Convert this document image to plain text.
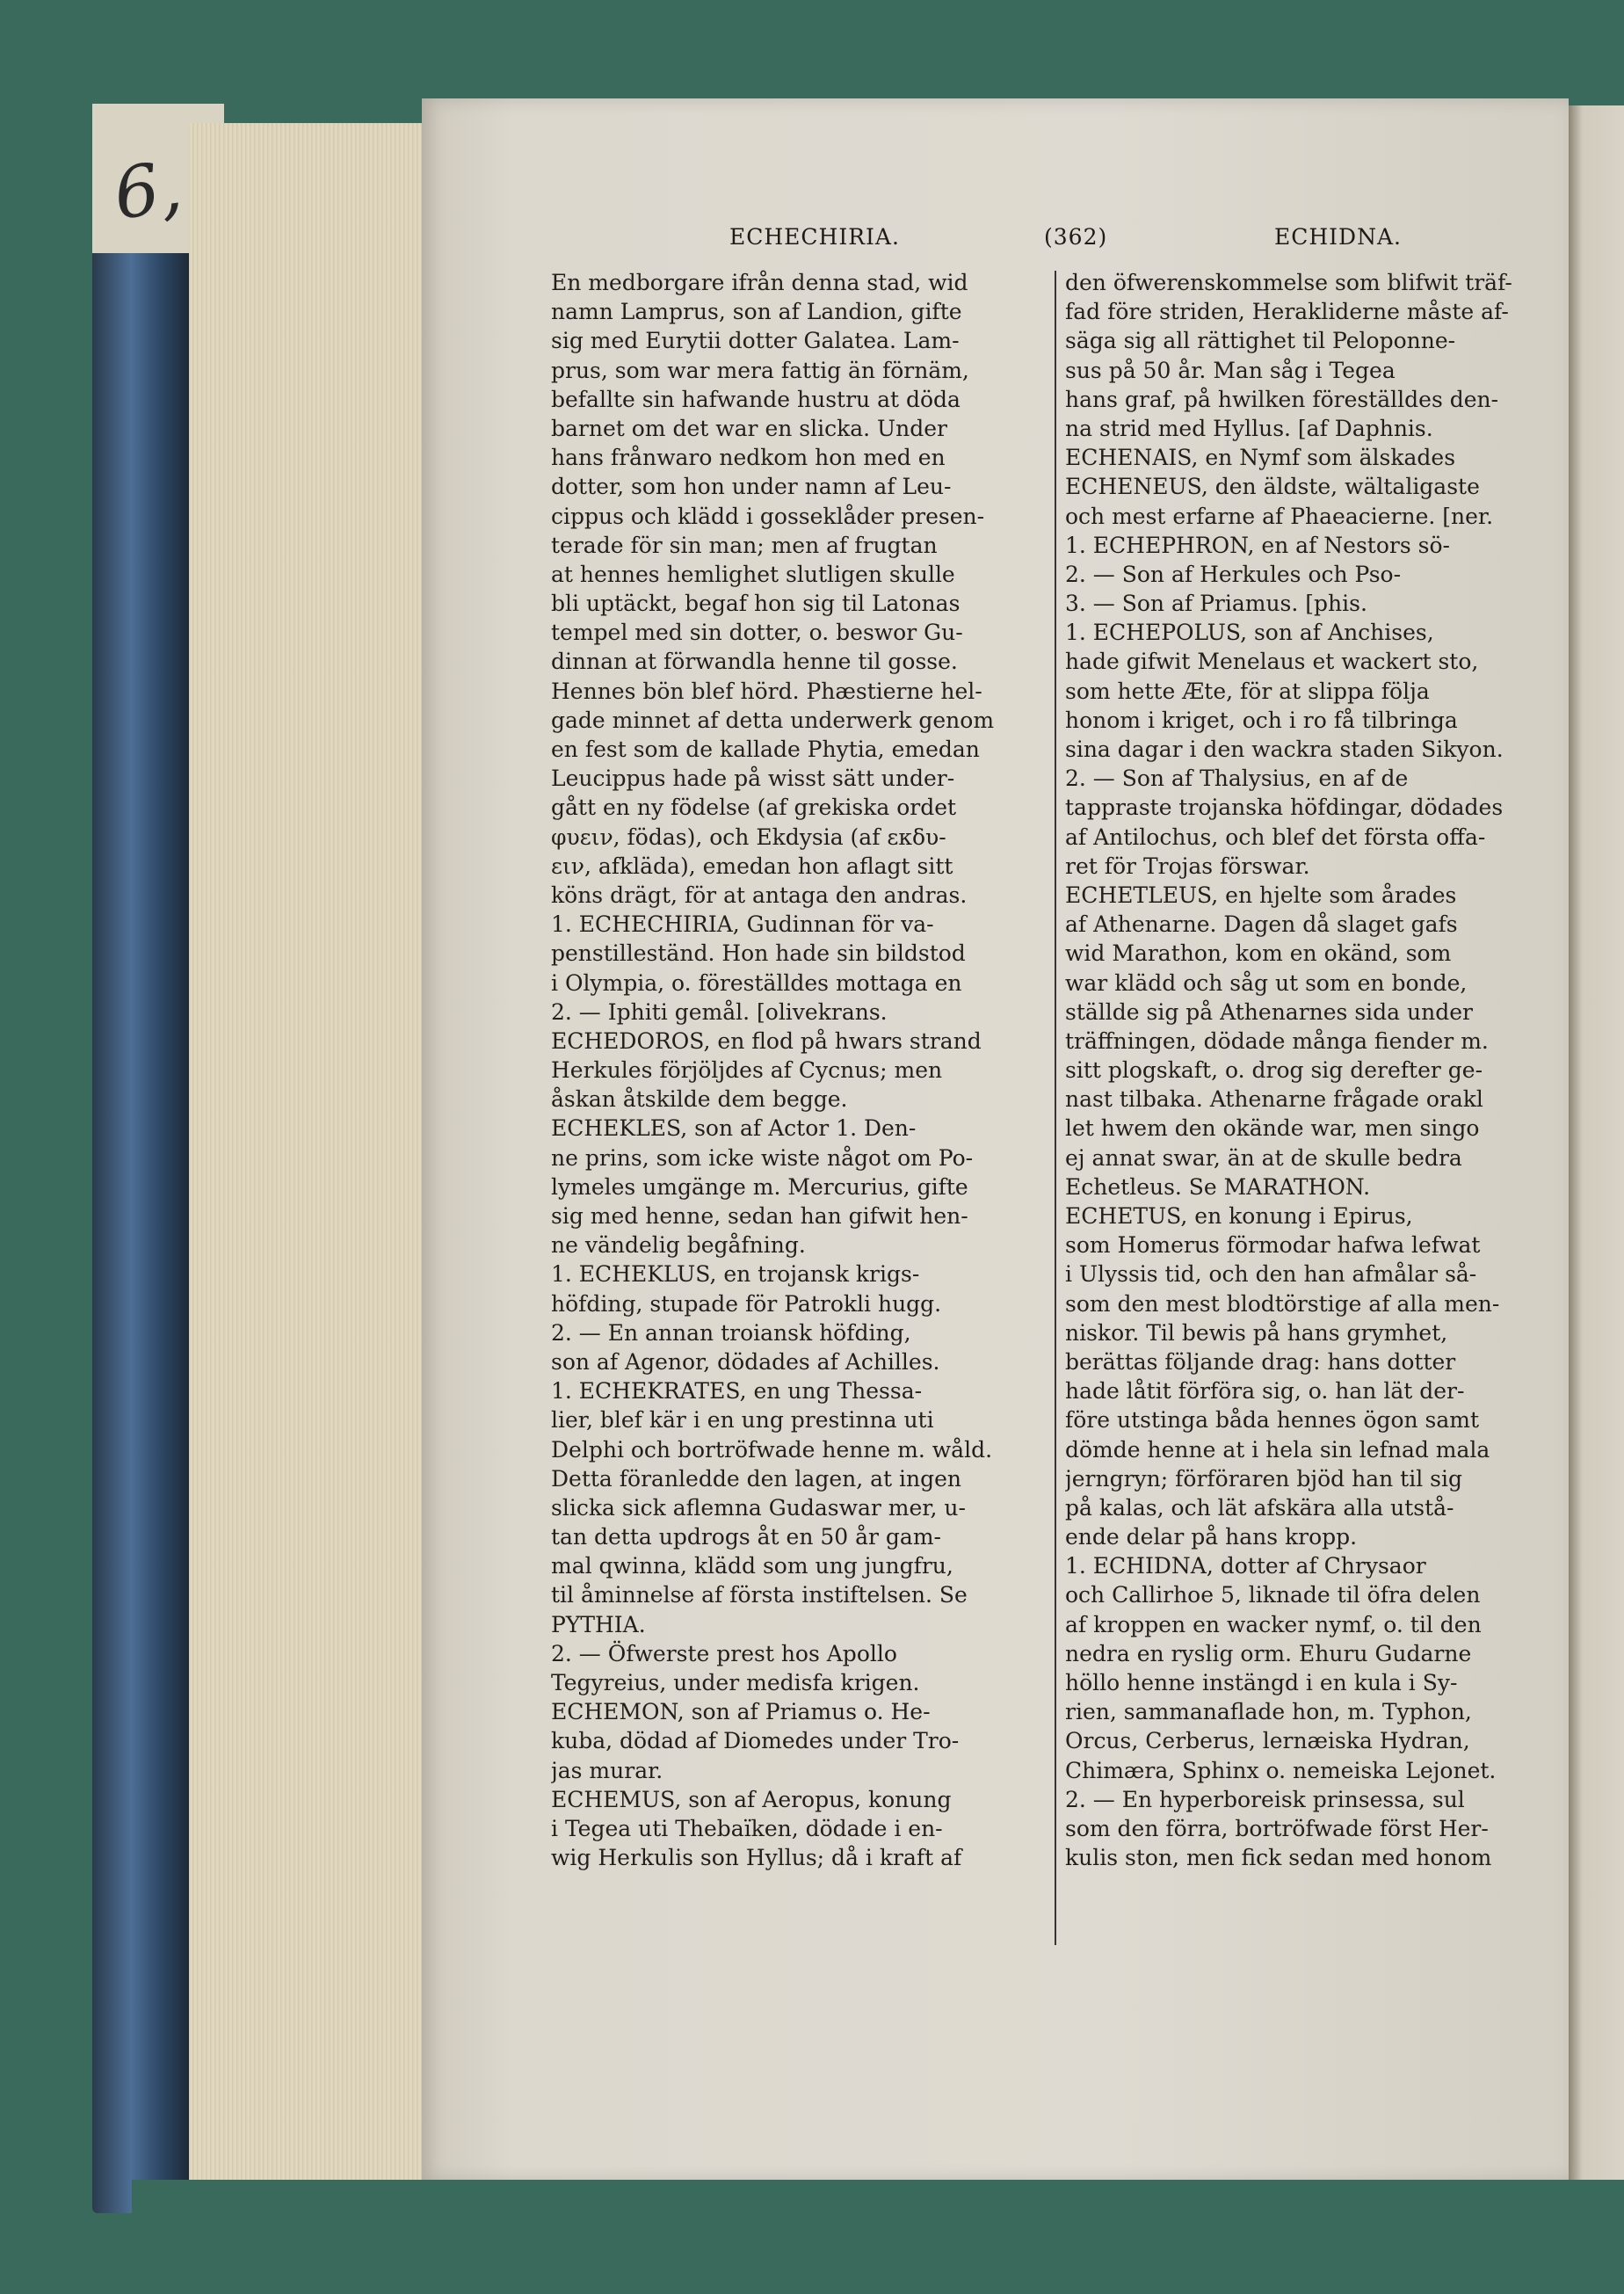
6,
ECHECHIRIA.	(362)	ECHIDNA.
En medborgare ifrån denna stad, wid
namn Lamprus, son af Landion, gifte
sig med Eurytii dotter Galatea. Lam-
prus, som war mera fattig än förnäm,
befallte sin hafwande hustru at döda
barnet om det war en slicka. Under
hans frånwaro nedkom hon med en
dotter, som hon under namn af Leu-
cippus och klädd i gosseklåder presen-
terade för sin man; men af frugtan
at hennes hemlighet slutligen skulle
bli uptäckt, begaf hon sig til Latonas
tempel med sin dotter, o. beswor Gu-
dinnan at förwandla henne til gosse.
Hennes bön blef hörd. Phæstierne hel-
gade minnet af detta underwerk genom
en fest som de kallade Phytia, emedan
Leucippus hade på wisst sätt under-
gått en ny födelse (af grekiska ordet
φυειν, födas), och Ekdysia (af εκδυ-
ειν, afkläda), emedan hon aflagt sitt
köns drägt, för at antaga den andras.
1. ECHECHIRIA, Gudinnan för va-
penstilleständ. Hon hade sin bildstod
i Olympia, o. föreställdes mottaga en
2. — Iphiti gemål. [olivekrans.
ECHEDOROS, en flod på hwars strand
Herkules förjöljdes af Cycnus; men
åskan åtskilde dem begge.
ECHEKLES, son af Actor 1. Den-
ne prins, som icke wiste något om Po-
lymeles umgänge m. Mercurius, gifte
sig med henne, sedan han gifwit hen-
ne vändelig begåfning.
1. ECHEKLUS, en trojansk krigs-
höfding, stupade för Patrokli hugg.
2. — En annan troiansk höfding,
son af Agenor, dödades af Achilles.
1. ECHEKRATES, en ung Thessa-
lier, blef kär i en ung prestinna uti
Delphi och bortröfwade henne m. wåld.
Detta föranledde den lagen, at ingen
slicka sick aflemna Gudaswar mer, u-
tan detta updrogs åt en 50 år gam-
mal qwinna, klädd som ung jungfru,
til åminnelse af första instiftelsen. Se
PYTHIA.
2. — Öfwerste prest hos Apollo
Tegyreius, under medisfa krigen.
ECHEMON, son af Priamus o. He-
kuba, dödad af Diomedes under Tro-
jas murar.
ECHEMUS, son af Aeropus, konung
i Tegea uti Thebaïken, dödade i en-
wig Herkulis son Hyllus; då i kraft af
den öfwerenskommelse som blifwit träf-
fad före striden, Herakliderne måste af-
säga sig all rättighet til Peloponne-
sus på 50 år. Man såg i Tegea
hans graf, på hwilken föreställdes den-
na strid med Hyllus. [af Daphnis.
ECHENAIS, en Nymf som älskades
ECHENEUS, den äldste, wältaligaste
och mest erfarne af Phaeacierne. [ner.
1. ECHEPHRON, en af Nestors sö-
2. — Son af Herkules och Pso-
3. — Son af Priamus. [phis.
1. ECHEPOLUS, son af Anchises,
hade gifwit Menelaus et wackert sto,
som hette Æte, för at slippa följa
honom i kriget, och i ro få tilbringa
sina dagar i den wackra staden Sikyon.
2. — Son af Thalysius, en af de
tappraste trojanska höfdingar, dödades
af Antilochus, och blef det första offa-
ret för Trojas förswar.
ECHETLEUS, en hjelte som årades
af Athenarne. Dagen då slaget gafs
wid Marathon, kom en okänd, som
war klädd och såg ut som en bonde,
ställde sig på Athenarnes sida under
träffningen, dödade många fiender m.
sitt plogskaft, o. drog sig derefter ge-
nast tilbaka. Athenarne frågade orakl
let hwem den okände war, men singo
ej annat swar, än at de skulle bedra
Echetleus. Se MARATHON.
ECHETUS, en konung i Epirus,
som Homerus förmodar hafwa lefwat
i Ulyssis tid, och den han afmålar så-
som den mest blodtörstige af alla men-
niskor. Til bewis på hans grymhet,
berättas följande drag: hans dotter
hade låtit förföra sig, o. han lät der-
före utstinga båda hennes ögon samt
dömde henne at i hela sin lefnad mala
jerngryn; förföraren bjöd han til sig
på kalas, och lät afskära alla utstå-
ende delar på hans kropp.
1. ECHIDNA, dotter af Chrysaor
och Callirhoe 5, liknade til öfra delen
af kroppen en wacker nymf, o. til den
nedra en ryslig orm. Ehuru Gudarne
höllo henne instängd i en kula i Sy-
rien, sammanaflade hon, m. Typhon,
Orcus, Cerberus, lernæiska Hydran,
Chimæra, Sphinx o. nemeiska Lejonet.
2. — En hyperboreisk prinsessa, sul
som den förra, bortröfwade först Her-
kulis ston, men fick sedan med honom
